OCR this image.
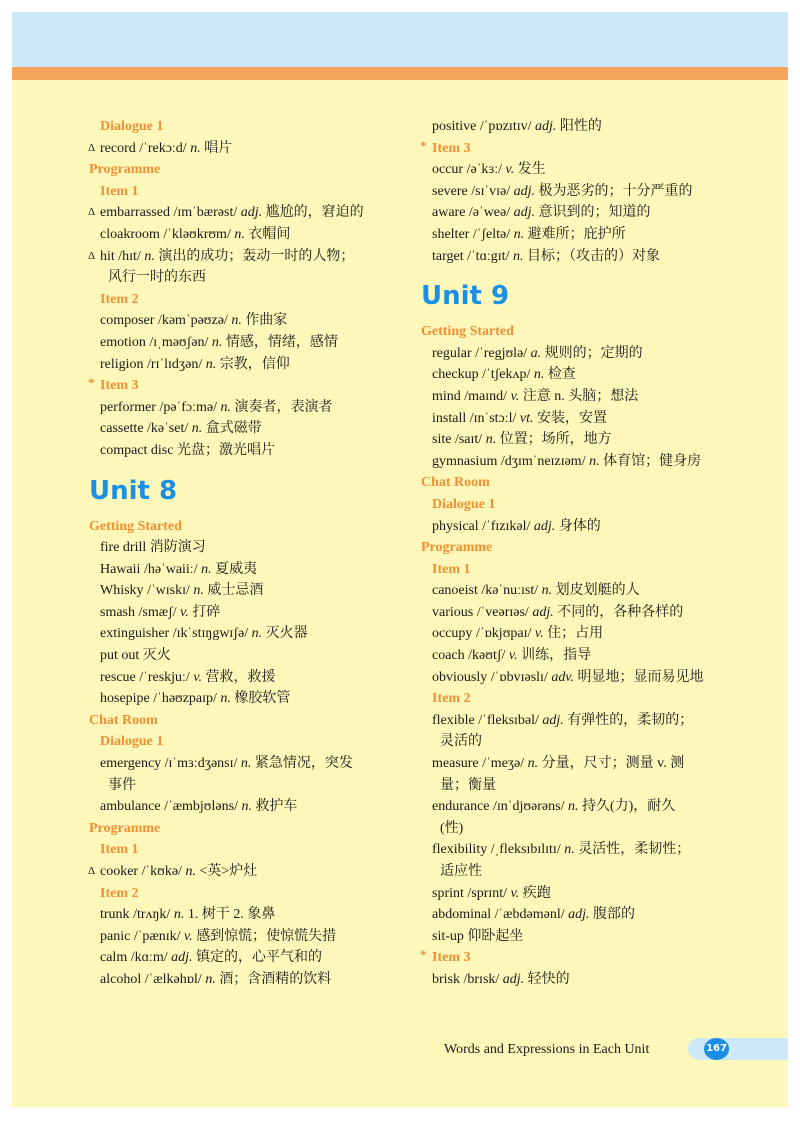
Dialogue 1
Δ record /ˈrekɔːd/ n. 唱片
Programme
Item 1
Δ embarrassed /ɪmˈbærəst/ adj. 尴尬的，窘迫的
cloakroom /ˈkləʊkrʊm/ n. 衣帽间
Δ hit /hɪt/ n. 演出的成功；轰动一时的人物；
风行一时的东西
Item 2
composer /kəmˈpəʊzə/ n. 作曲家
emotion /ɪˌməʊʃən/ n. 情感，情绪，感情
religion /rɪˈlɪdʒən/ n. 宗教，信仰
* Item 3
performer /pəˈfɔːmə/ n. 演奏者，表演者
cassette /kəˈset/ n. 盒式磁带
compact disc 光盘；激光唱片
Unit 8
Getting Started
fire drill 消防演习
Hawaii /həˈwaiiː/ n. 夏威夷
Whisky /ˈwɪskɪ/ n. 威士忌酒
smash /smæʃ/ v. 打碎
extinguisher /ɪkˈstɪŋgwɪʃə/ n. 灭火器
put out 灭火
rescue /ˈreskjuː/ v. 营救，救援
hosepipe /ˈhəʊzpaɪp/ n. 橡胶软管
Chat Room
Dialogue 1
emergency /ɪˈmɜːdʒənsɪ/ n. 紧急情况，突发
事件
ambulance /ˈæmbjʊləns/ n. 救护车
Programme
Item 1
Δ cooker /ˈkʊkə/ n. <英>炉灶
Item 2
trunk /trʌŋk/ n. 1. 树干 2. 象鼻
panic /ˈpænɪk/ v. 感到惊慌；使惊慌失措
calm /kɑːm/ adj. 镇定的，心平气和的
alcohol /ˈælkəhɒl/ n. 酒；含酒精的饮料
positive /ˈpɒzɪtɪv/ adj. 阳性的
* Item 3
occur /əˈkɜː/ v. 发生
severe /sɪˈvɪə/ adj. 极为恶劣的；十分严重的
aware /əˈweə/ adj. 意识到的；知道的
shelter /ˈʃeltə/ n. 避难所；庇护所
target /ˈtɑːgɪt/ n. 目标；（攻击的）对象
Unit 9
Getting Started
regular /ˈregjʊlə/ a. 规则的；定期的
checkup /ˈtʃekʌp/ n. 检查
mind /maɪnd/ v. 注意 n. 头脑；想法
install /ɪnˈstɔːl/ vt. 安装，安置
site /saɪt/ n. 位置；场所，地方
gymnasium /dʒɪmˈneɪzɪəm/ n. 体育馆；健身房
Chat Room
Dialogue 1
physical /ˈfɪzɪkəl/ adj. 身体的
Programme
Item 1
canoeist /kəˈnuːɪst/ n. 划皮划艇的人
various /ˈveərɪəs/ adj. 不同的，各种各样的
occupy /ˈɒkjʊpaɪ/ v. 住；占用
coach /kəʊtʃ/ v. 训练，指导
obviously /ˈɒbvɪəslɪ/ adv. 明显地；显而易见地
Item 2
flexible /ˈfleksɪbəl/ adj. 有弹性的，柔韧的；
灵活的
measure /ˈmeʒə/ n. 分量，尺寸；测量 v. 测
量；衡量
endurance /ɪnˈdjʊərəns/ n. 持久(力)，耐久
(性)
flexibility /ˌfleksɪbɪlɪtɪ/ n. 灵活性，柔韧性；
适应性
sprint /sprɪnt/ v. 疾跑
abdominal /ˈæbdəmənl/ adj. 腹部的
sit-up 仰卧起坐
* Item 3
brisk /brɪsk/ adj. 轻快的
Words and Expressions in Each Unit	167
